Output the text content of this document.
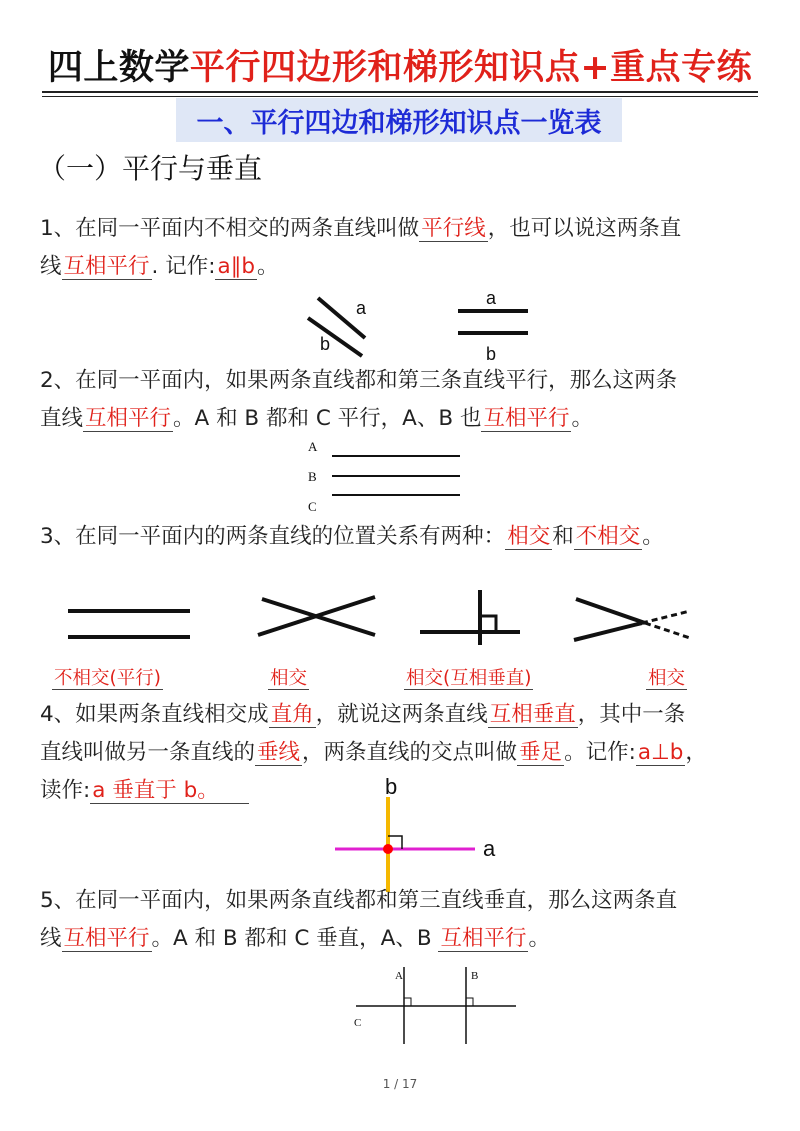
四上数学平行四边形和梯形知识点+重点专练
一、平行四边和梯形知识点一览表
（一）平行与垂直
1、在同一平面内不相交的两条直线叫做平行线，也可以说这两条直
线互相平行. 记作:a∥b。
a
b
a
b
2、在同一平面内，如果两条直线都和第三条直线平行，那么这两条
直线互相平行。A 和 B 都和 C 平行，A、B 也互相平行。
A
B
C
3、在同一平面内的两条直线的位置关系有两种：相交和不相交。
不相交(平行)	相交	相交(互相垂直)	相交
4、如果两条直线相交成直角，就说这两条直线互相垂直，其中一条
直线叫做另一条直线的垂线，两条直线的交点叫做垂足。记作:a⊥b，
读作:a 垂直于 b。	b
a
5、在同一平面内，如果两条直线都和第三直线垂直，那么这两条直
线互相平行。A 和 B 都和 C 垂直，A、B 互相平行。
A	B
C
1 / 17
